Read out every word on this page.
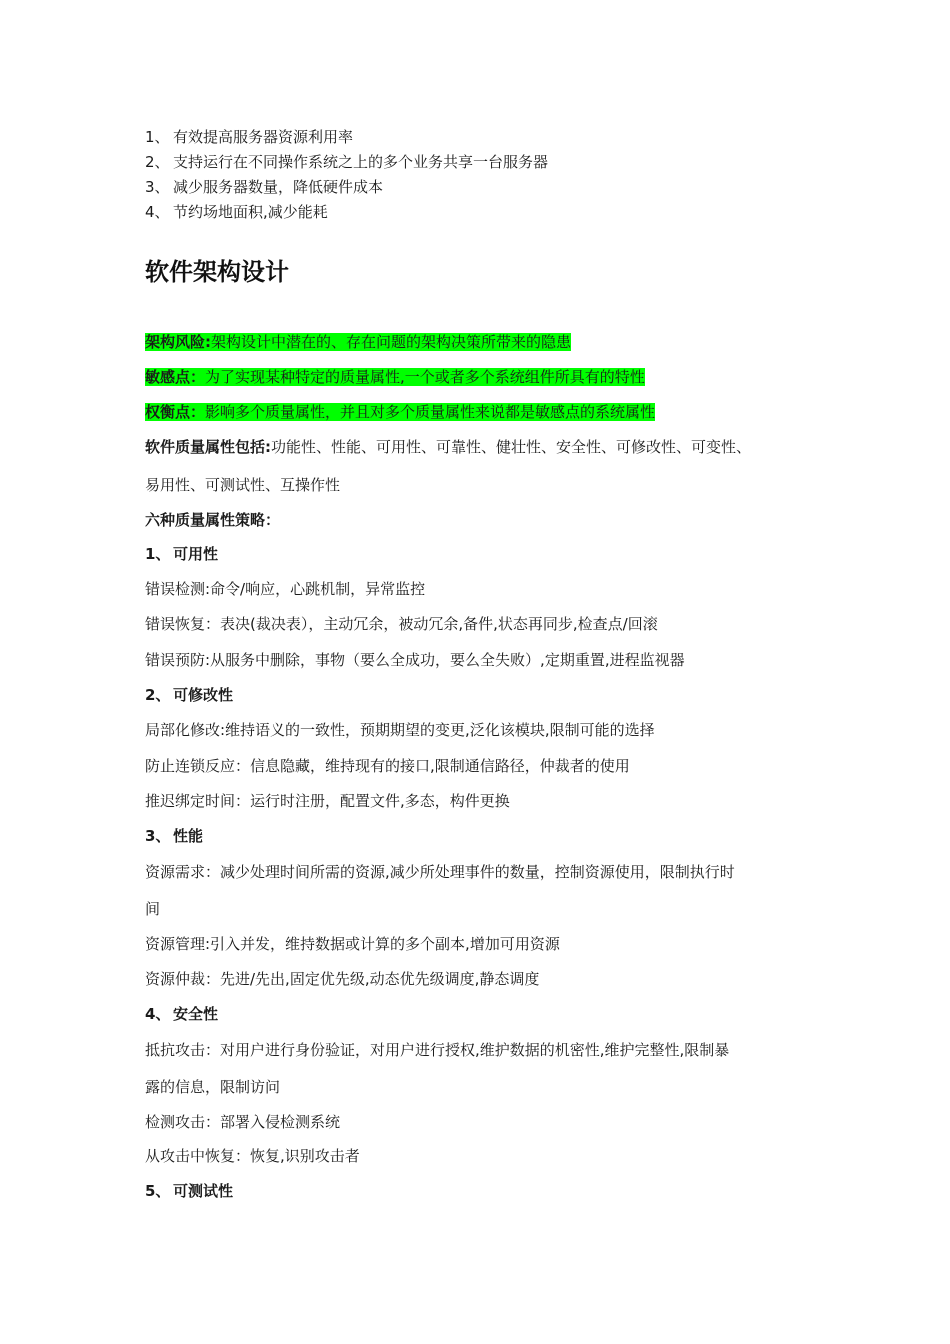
1、 有效提高服务器资源利用率
2、 支持运行在不同操作系统之上的多个业务共享一台服务器
3、 减少服务器数量，降低硬件成本
4、 节约场地面积,减少能耗
软件架构设计
架构风险:架构设计中潜在的、存在问题的架构决策所带来的隐患
敏感点：为了实现某种特定的质量属性,一个或者多个系统组件所具有的特性
权衡点：影响多个质量属性，并且对多个质量属性来说都是敏感点的系统属性
软件质量属性包括:功能性、性能、可用性、可靠性、健壮性、安全性、可修改性、可变性、
易用性、可测试性、互操作性
六种质量属性策略：
1、 可用性
错误检测:命令/响应，心跳机制，异常监控
错误恢复：表决(裁决表），主动冗余，被动冗余,备件,状态再同步,检查点/回滚
错误预防:从服务中删除，事物（要么全成功，要么全失败）,定期重置,进程监视器
2、 可修改性
局部化修改:维持语义的一致性，预期期望的变更,泛化该模块,限制可能的选择
防止连锁反应：信息隐藏，维持现有的接口,限制通信路径，仲裁者的使用
推迟绑定时间：运行时注册，配置文件,多态，构件更换
3、 性能
资源需求：减少处理时间所需的资源,减少所处理事件的数量，控制资源使用，限制执行时
间
资源管理:引入并发，维持数据或计算的多个副本,增加可用资源
资源仲裁：先进/先出,固定优先级,动态优先级调度,静态调度
4、 安全性
抵抗攻击：对用户进行身份验证，对用户进行授权,维护数据的机密性,维护完整性,限制暴
露的信息，限制访问
检测攻击：部署入侵检测系统
从攻击中恢复：恢复,识别攻击者
5、 可测试性
